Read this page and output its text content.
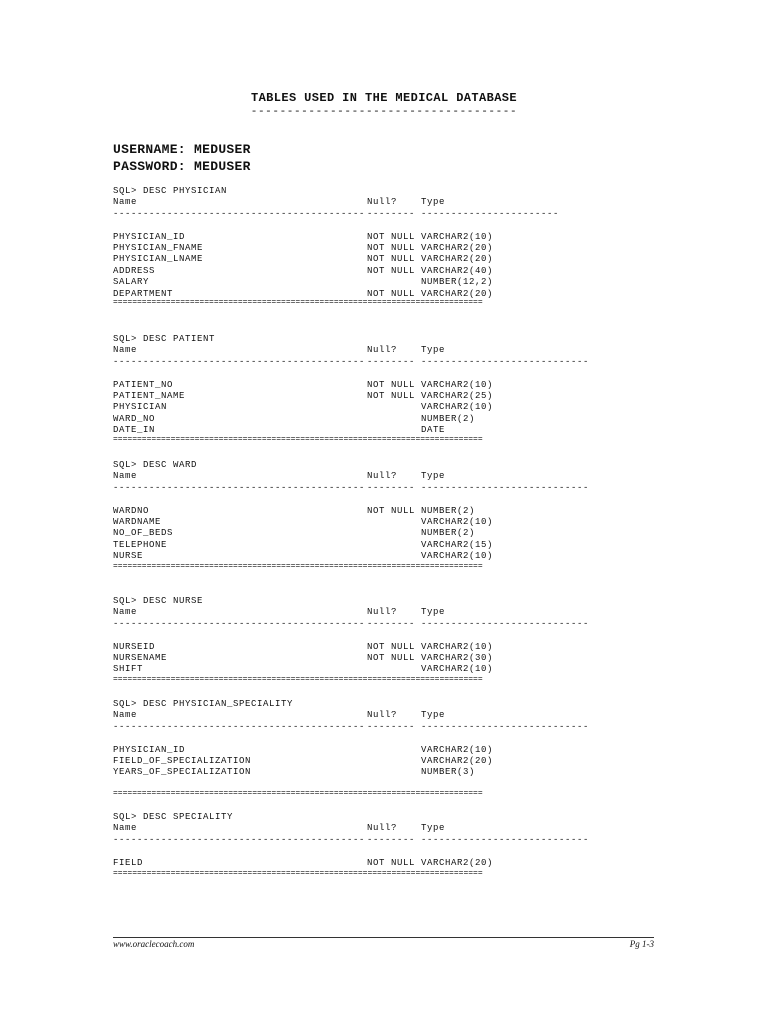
TABLES USED IN THE MEDICAL DATABASE
-------------------------------------
USERNAME: MEDUSER
PASSWORD: MEDUSER
SQL> DESC PHYSICIAN
Name	Null?	Type
------------------------------------------ -------- -----------------------
PHYSICIAN_ID	NOT NULL VARCHAR2(10)
PHYSICIAN_FNAME	NOT NULL VARCHAR2(20)
PHYSICIAN_LNAME	NOT NULL VARCHAR2(20)
ADDRESS	NOT NULL VARCHAR2(40)
SALARY	NUMBER(12,2)
DEPARTMENT	NOT NULL VARCHAR2(20)
=============================================================================
SQL> DESC PATIENT
Name	Null?	Type
------------------------------------------ -------- ----------------------------
PATIENT_NO	NOT NULL VARCHAR2(10)
PATIENT_NAME	NOT NULL VARCHAR2(25)
PHYSICIAN	VARCHAR2(10)
WARD_NO	NUMBER(2)
DATE_IN	DATE
=============================================================================
SQL> DESC WARD
Name	Null?	Type
------------------------------------------ -------- ----------------------------
WARDNO	NOT NULL NUMBER(2)
WARDNAME	VARCHAR2(10)
NO_OF_BEDS	NUMBER(2)
TELEPHONE	VARCHAR2(15)
NURSE	VARCHAR2(10)
=============================================================================
SQL> DESC NURSE
Name	Null?	Type
------------------------------------------ -------- ----------------------------
NURSEID	NOT NULL VARCHAR2(10)
NURSENAME	NOT NULL VARCHAR2(30)
SHIFT	VARCHAR2(10)
=============================================================================
SQL> DESC PHYSICIAN_SPECIALITY
Name	Null?	Type
------------------------------------------ -------- ----------------------------
PHYSICIAN_ID	VARCHAR2(10)
FIELD_OF_SPECIALIZATION	VARCHAR2(20)
YEARS_OF_SPECIALIZATION	NUMBER(3)
=============================================================================
SQL> DESC SPECIALITY
Name	Null?	Type
------------------------------------------ -------- ----------------------------
FIELD	NOT NULL VARCHAR2(20)
=============================================================================
www.oraclecoach.com	Pg 1-3
